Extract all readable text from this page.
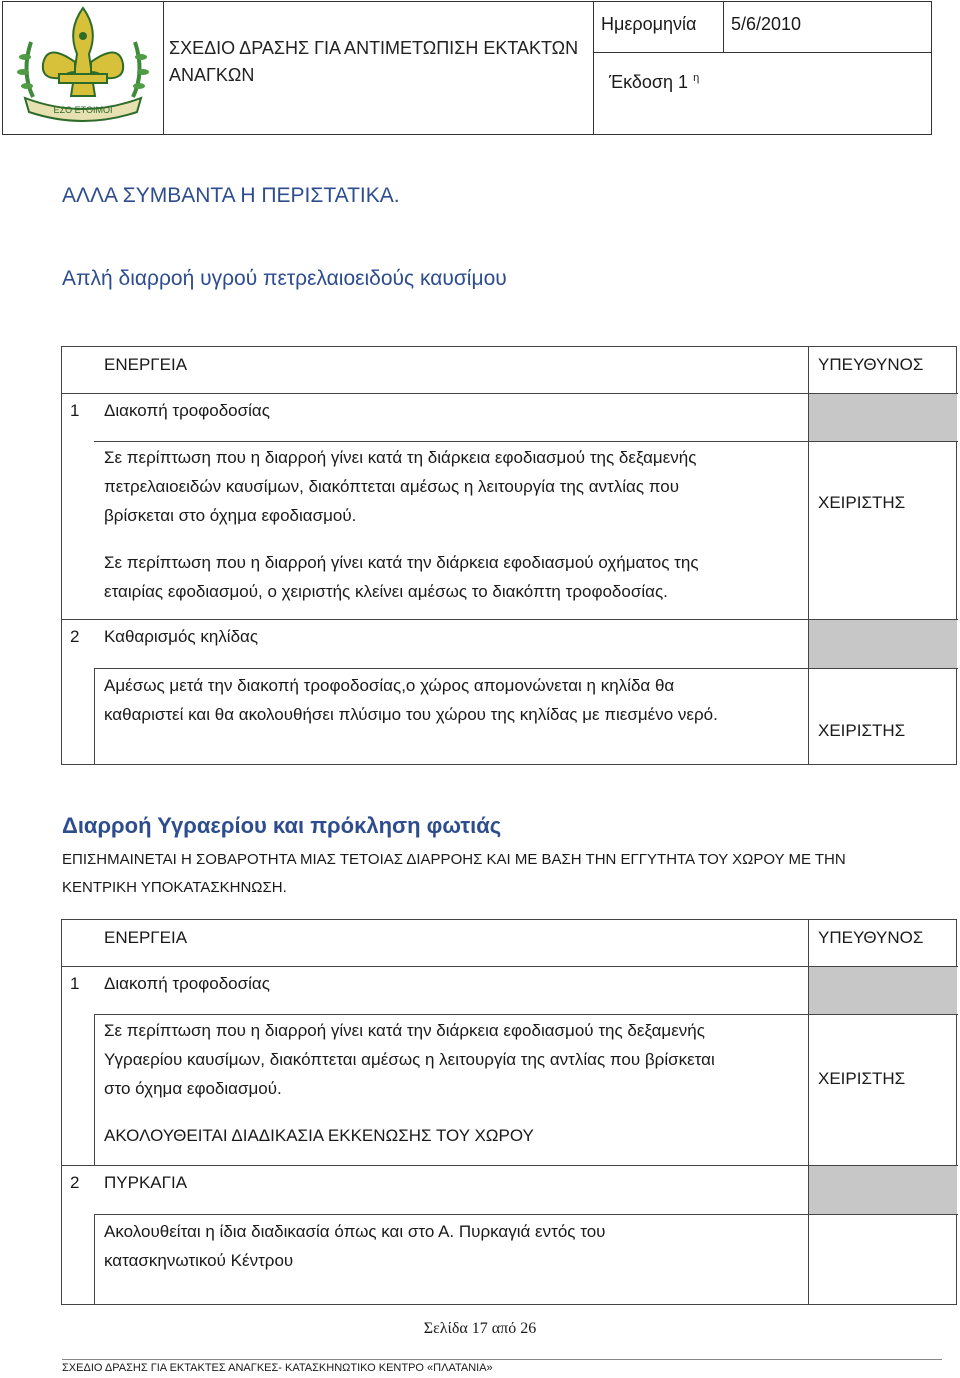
ΕΣΟ ΕΤΟΙΜΟΙ
ΣΧΕΔΙΟ ΔΡΑΣΗΣ ΓΙΑ ΑΝΤΙΜΕΤΩΠΙΣΗ ΕΚΤΑΚΤΩΝ ΑΝΑΓΚΩΝ
Ημερομηνία 5/6/2010
Έκδοση 1 $^\eta$
ΑΛΛΑ ΣΥΜΒΑΝΤΑ Η ΠΕΡΙΣΤΑΤΙΚΑ.
Απλή διαρροή υγρού πετρελαιοειδούς καυσίμου
ΕΝΕΡΓΕΙΑ	ΥΠΕΥΘΥΝΟΣ
1 Διακοπή τροφοδοσίας
Σε περίπτωση που η διαρροή γίνει κατά τη διάρκεια εφοδιασμού της δεξαμενής
πετρελαιοειδών καυσίμων, διακόπτεται αμέσως η λειτουργία της αντλίας που
βρίσκεται στο όχημα εφοδιασμού.
Σε περίπτωση που η διαρροή γίνει κατά την διάρκεια εφοδιασμού οχήματος της
εταιρίας εφοδιασμού, ο χειριστής κλείνει αμέσως το διακόπτη τροφοδοσίας.
ΧΕΙΡΙΣΤΗΣ
2 Καθαρισμός κηλίδας
Αμέσως μετά την διακοπή τροφοδοσίας,ο χώρος απομονώνεται η κηλίδα θα
καθαριστεί και θα ακολουθήσει πλύσιμο του χώρου της κηλίδας με πιεσμένο νερό.
ΧΕΙΡΙΣΤΗΣ
Διαρροή Υγραερίου και πρόκληση φωτιάς
ΕΠΙΣΗΜΑΙΝΕΤΑΙ Η ΣΟΒΑΡΟΤΗΤΑ ΜΙΑΣ ΤΕΤΟΙΑΣ ΔΙΑΡΡΟΗΣ ΚΑΙ ΜΕ ΒΑΣΗ ΤΗΝ ΕΓΓΥΤΗΤΑ ΤΟΥ ΧΩΡΟΥ ΜΕ ΤΗΝ
ΚΕΝΤΡΙΚΗ ΥΠΟΚΑΤΑΣΚΗΝΩΣΗ.
ΕΝΕΡΓΕΙΑ	ΥΠΕΥΘΥΝΟΣ
1 Διακοπή τροφοδοσίας
Σε περίπτωση που η διαρροή γίνει κατά την διάρκεια εφοδιασμού της δεξαμενής
Υγραερίου καυσίμων, διακόπτεται αμέσως η λειτουργία της αντλίας που βρίσκεται
στο όχημα εφοδιασμού.
ΑΚΟΛΟΥΘΕΙΤΑΙ ΔΙΑΔΙΚΑΣΙΑ ΕΚΚΕΝΩΣΗΣ ΤΟΥ ΧΩΡΟΥ
ΧΕΙΡΙΣΤΗΣ
2 ΠΥΡΚΑΓΙΑ
Ακολουθείται η ίδια διαδικασία όπως και στο Α. Πυρκαγιά εντός του
κατασκηνωτικού Κέντρου
Σελίδα 17 από 26
ΣΧΕΔΙΟ ΔΡΑΣΗΣ ΓΙΑ ΕΚΤΑΚΤΕΣ ΑΝΑΓΚΕΣ- ΚΑΤΑΣΚΗΝΩΤΙΚΟ ΚΕΝΤΡΟ «ΠΛΑΤΑΝΙΑ»
